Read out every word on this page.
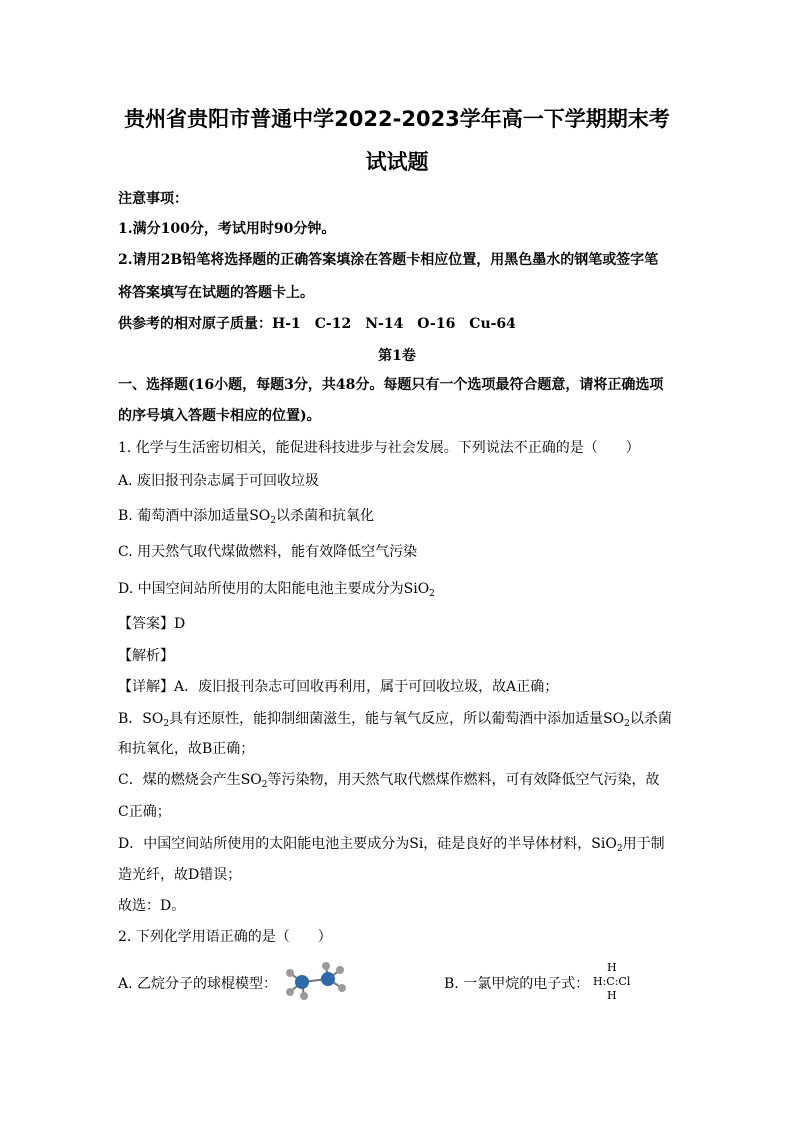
贵州省贵阳市普通中学2022-2023学年高一下学期期末考
试试题
注意事项：
1.满分100分，考试用时90分钟。
2.请用2B铅笔将选择题的正确答案填涂在答题卡相应位置，用黑色墨水的钢笔或签字笔
将答案填写在试题的答题卡上。
供参考的相对原子质量：H-1　C-12　N-14　O-16　Cu-64
第1卷
一、选择题(16小题，每题3分，共48分。每题只有一个选项最符合题意，请将正确选项
的序号填入答题卡相应的位置)。
1. 化学与生活密切相关，能促进科技进步与社会发展。下列说法不正确的是（　　）
A. 废旧报刊杂志属于可回收垃圾
B. 葡萄酒中添加适量$SO_2$以杀菌和抗氧化
C. 用天然气取代煤做燃料，能有效降低空气污染
D. 中国空间站所使用的太阳能电池主要成分为SiO$_2$
【答案】D
【解析】
【详解】A．废旧报刊杂志可回收再利用，属于可回收垃圾，故A正确；
B．$SO_2$具有还原性，能抑制细菌滋生，能与氧气反应，所以葡萄酒中添加适量$SO_2$以杀菌
和抗氧化，故B正确；
C．煤的燃烧会产生$SO_2$等污染物，用天然气取代燃煤作燃料，可有效降低空气污染，故
C正确；
D．中国空间站所使用的太阳能电池主要成分为Si，硅是良好的半导体材料，SiO$_2$用于制
造光纤，故D错误；
故选：D。
2. 下列化学用语正确的是（　　）
A. 乙烷分子的球棍模型：	B. 一氯甲烷的电子式：
H
H:C:Cl
H
